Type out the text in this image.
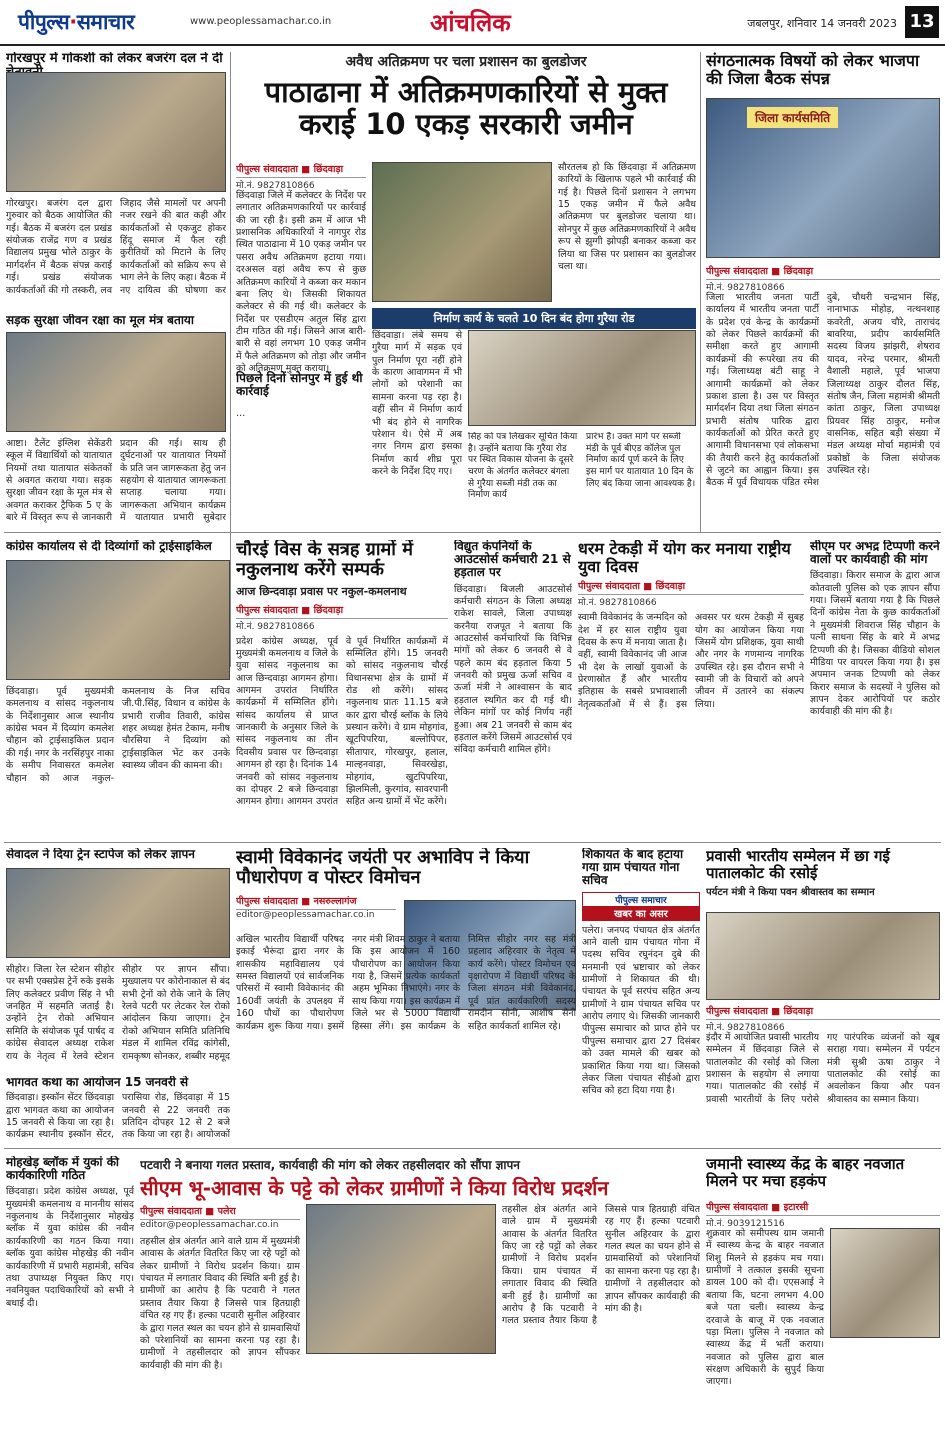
पीपुल्स·समाचार	www.peoplessamachar.co.in	आंचलिक	जबलपुर, शनिवार 14 जनवरी 2023 13
गोरखपुर में गोकशी को लेकर बजरंग दल ने दी
गोरखपुर। बजरंग दल द्वारा गुरुवार को बैठक आयोजित की गई। बैठक में बजरंग दल प्रखंड संयोजक राजेंद्र गण व प्रखंड विद्यालय प्रमुख भोले ठाकुर के मार्गदर्शन में बैठक संपन्न कराई गई। प्रखंड संयोजक कार्यकर्ताओं की गो तस्करी, लव जिहाद जैसे मामलों पर अपनी नजर रखने की बात कही और कार्यकर्ताओं से एकजुट होकर हिंदू समाज में फैल रही कुरीतियों को मिटाने के लिए कार्यकर्ताओं को सक्रिय रूप से भाग लेने के लिए कहा। बैठक में नए दायित्व की घोषणा कर
अवैध अतिक्रमण पर चला प्रशासन का बुलडोजर
पाठाढाना में अतिक्रमणकारियों से मुक्त कराई 10 एकड़ सरकारी जमीन
पीपुल्स संवाददाता ■ छिंदवाड़ा
मो.नं. 9827810866
छिंदवाड़ा जिले में कलेक्टर के निर्देश पर लगातार अतिक्रमणकारियों पर कार्रवाई की जा रही है। इसी क्रम में आज भी प्रशासनिक अधिकारियों ने नागपुर रोड स्थित पाठाढाना में 10 एकड़ जमीन पर पसरा अवैध अतिक्रमण हटाया गया। दरअसल वहां अवैध रूप से कुछ अतिक्रमण कारियों ने कब्जा कर मकान बना लिए थे। जिसकी शिकायत कलेक्टर से की गई थी। कलेक्टर के निर्देश पर एसडीएम अतुल सिंह द्वारा टीम गठित की गई। जिसने आज बारी-बारी से वहां लगभग 10 एकड़ जमीन में फैले अतिक्रमण को तोड़ा और जमीन को अतिक्रमण मुक्त कराया।
पिछले दिनों सोनपुर में हुई थी कार्रवाई
सौरतलब हो कि छिंदवाड़ा में अतिक्रमण कारियों के खिलाफ पहले भी कार्रवाई की गई है। पिछले दिनों प्रशासन ने लगभग 15 एकड़ जमीन में फैले अवैध अतिक्रमण पर बुलडोजर चलाया था। सोनपुर में कुछ अतिक्रमणकारियों ने अवैध रूप से झुग्गी झोपड़ी बनाकर कब्जा कर लिया था जिस पर प्रशासन का बुलडोजर चला था।
निर्माण कार्य के चलते 10 दिन बंद होगा गुरैया रोड
छिंदवाड़ा। लंबे समय से गुरैया मार्ग में सड़क एवं पुल निर्माण पूरा नहीं होने के कारण आवागमन में भी लोगों को परेशानी का सामना करना पड़ रहा है। वहीं सीन में निर्माण कार्य भी बंद होने से नागरिक परेशान थे। ऐसे में अब नगर निगम द्वारा इसका निर्माण कार्य शीघ्र पूरा करने के निर्देश दिए गए।
सिंह को पत्र लिखकर सूचित किया है। उन्होंने बताया कि गुरैया रोड पर स्थित विकास योजना के दूसरे चरण के अंतर्गत कलेक्टर बंगला से गुरैया सब्जी मंडी तक का निर्माण कार्य
प्रारंभ है। उक्त मार्ग पर सब्जी मंडी के पूर्व बीएड कॉलेज पुल निर्माण कार्य पूर्ण करने के लिए इस मार्ग पर यातायात 10 दिन के लिए बंद किया जाना आवश्यक है।
…
संगठनात्मक विषयों को लेकर भाजपा की जिला बैठक संपन्न
जिला कार्यसमिति
पीपुल्स संवाददाता ■ छिंदवाड़ा
मो.नं. 9827810866
जिला भारतीय जनता पार्टी कार्यालय में भारतीय जनता पार्टी के प्रदेश एवं केन्द्र के कार्यक्रमों को लेकर पिछले कार्यक्रमों की समीक्षा करते हुए आगामी कार्यक्रमों की रूपरेखा तय की गई। जिलाध्यक्ष बंटी साहू ने आगामी कार्यक्रमों को लेकर प्रकाश डाला है। उस पर विस्तृत मार्गदर्शन दिया तथा जिला संगठन प्रभारी संतोष पारिक द्वारा कार्यकर्ताओं को प्रेरित करते हुए आगामी विधानसभा एवं लोकसभा की तैयारी करने हेतु कार्यकर्ताओं से जुटने का आह्वान किया। इस बैठक में पूर्व विधायक पंडित रमेश दुबे, चौधरी चन्द्रभान सिंह, नानाभाऊ मोहोड़, नत्थनशाह कवरेती, अजय चौरे, ताराचंद बावरिया, प्रदीप कार्यसमिति सदस्य विजय झांझरी, शेषराव यादव, नरेन्द्र परमार, श्रीमती वैशाली महाले, पूर्व भाजपा जिलाध्यक्ष ठाकुर दौलत सिंह, संतोष जैन, जिला महामंत्री श्रीमती कांता ठाकुर, जिला उपाध्यक्ष प्रियवर सिंह ठाकुर, मनोज वासनिक, सहित बड़ी संख्या में मंडल अध्यक्ष मोर्चा महामंत्री एवं प्रकोष्ठों के जिला संयोजक उपस्थित रहे।
सड़क सुरक्षा जीवन रक्षा का मूल मंत्र बताया
आष्टा। टैलेंट इंग्लिश सेकेंडरी स्कूल में विद्यार्थियों को यातायात नियमों तथा यातायात संकेतकों से अवगत कराया गया। सड़क सुरक्षा जीवन रक्षा के मूल मंत्र से अवगत कराकर ट्रैफिक 5 ए के बारे में विस्तृत रूप से जानकारी प्रदान की गई। साथ ही दुर्घटनाओं पर यातायात नियमों के प्रति जन जागरूकता हेतु जन सहयोग से यातायात जागरूकता सप्ताह चलाया गया। जागरूकता अभियान कार्यक्रम में यातायात प्रभारी सुबेदार
कांग्रेस कार्यालय से दी दिव्यांगों को ट्राईसाइकिल
छिंदवाड़ा। पूर्व मुख्यमंत्री कमलनाथ व सांसद नकुलनाथ के निर्देशानुसार आज स्थानीय कांग्रेस भवन में दिव्यांग कमलेश चौहान को ट्राईसाइकिल प्रदान की गई। नगर के नरसिंहपुर नाका के समीप निवासरत कमलेश चौहान को आज नकुल-कमलनाथ के निज सचिव जी.पी.सिंह, विधान व कांग्रेस के प्रभारी राजीव तिवारी, कांग्रेस शहर अध्यक्ष हेमंत टेकाम, मनीष चौरसिया ने दिव्यांग को ट्राईसाइकिल भेंट कर उनके स्वास्थ्य जीवन की कामना की।
चौरई विस के सत्रह ग्रामों में नकुलनाथ करेंगे सम्पर्क
आज छिन्दवाड़ा प्रवास पर नकुल-कमलनाथ
पीपुल्स संवाददाता ■ छिंदवाड़ा
मो.नं. 9827810866
प्रदेश कांग्रेस अध्यक्ष, पूर्व मुख्यमंत्री कमलनाथ व जिले के युवा सांसद नकुलनाथ का आज छिन्दवाड़ा आगमन होगा। आगमन उपरांत निर्धारित कार्यक्रमों में सम्मिलित होंगे। सांसद कार्यालय से प्राप्त जानकारी के अनुसार जिले के सांसद नकुलनाथ का तीन दिवसीय प्रवास पर छिन्दवाड़ा आगमन हो रहा है। दिनांक 14 जनवरी को सांसद नकुलनाथ का दोपहर 2 बजे छिन्दवाड़ा आगमन होगा। आगमन उपरांत वे पूर्व निर्धारित कार्यक्रमों में सम्मिलित होंगे। 15 जनवरी को सांसद नकुलनाथ चौरई विधानसभा क्षेत्र के ग्रामों में रोड शो करेंगे। सांसद नकुलनाथ प्रातः 11.15 बजे कार द्वारा चौरई ब्लॉक के लिये प्रस्थान करेंगे। वे ग्राम मोहगांव, खूटपिपरिया, बल्लोपिपर, सीतापार, गोरखपुर, हलाल, माल्हनवाड़ा, सिवरखेड़ा, मोहगांव, खुटपिपरिया, झिलमिली, कुरगांव, सावरपानी सहित अन्य ग्रामों में भेंट करेंगे।
विद्युत कंपनियों के आउटसोर्स कर्मचारी 21 से हड़ताल पर
छिंदवाड़ा। बिजली आउटसोर्स कर्मचारी संगठन के जिला अध्यक्ष राकेश सावले, जिला उपाध्यक्ष करनैया राजपूत ने बताया कि आउटसोर्स कर्मचारियों कि विभिन्न मांगों को लेकर 6 जनवरी से वे पहले काम बंद हड़ताल किया 5 जनवरी को प्रमुख ऊर्जा सचिव व ऊर्जा मंत्री ने आश्वासन के बाद हड़ताल स्थगित कर दी गई थी। लेकिन मांगों पर कोई निर्णय नहीं हुआ। अब 21 जनवरी से काम बंद हड़ताल करेंगे जिसमें आउटसोर्स एवं संविदा कर्मचारी शामिल होंगे।
धरम टेकड़ी में योग कर मनाया राष्ट्रीय युवा दिवस
पीपुल्स संवाददाता ■ छिंदवाड़ा
मो.नं. 9827810866
स्वामी विवेकानंद के जन्मदिन को देश में हर साल राष्ट्रीय युवा दिवस के रूप में मनाया जाता है। वहीं, स्वामी विवेकानंद जी आज भी देश के लाखों युवाओं के प्रेरणास्रोत हैं और भारतीय इतिहास के सबसे प्रभावशाली नेतृत्वकर्ताओं में से हैं। इस अवसर पर धरम टेकड़ी में सुबह योग का आयोजन किया गया जिसमें योग प्रशिक्षक, युवा साथी और नगर के गणमान्य नागरिक उपस्थित रहे। इस दौरान सभी ने स्वामी जी के विचारों को अपने जीवन में उतारने का संकल्प लिया।
सीएम पर अभद्र टिप्पणी करने वालों पर कार्यवाही की मांग
छिंदवाड़ा। किरार समाज के द्वारा आज कोतवाली पुलिस को एक ज्ञापन सौंपा गया। जिसमें बताया गया है कि पिछले दिनों कांग्रेस नेता के कुछ कार्यकर्ताओं ने मुख्यमंत्री शिवराज सिंह चौहान के पत्नी साधना सिंह के बारे में अभद्र टिप्पणी की है। जिसका वीडियो सोशल मीडिया पर वायरल किया गया है। इस अपमान जनक टिप्पणी को लेकर किरार समाज के सदस्यों ने पुलिस को ज्ञापन देकर आरोपियों पर कठोर कार्यवाही की मांग की है।
सेवादल ने दिया ट्रेन स्टापेज को लेकर ज्ञापन
सीहोर। जिला रेल स्टेशन सीहोर पर सभी एक्सप्रेस ट्रेनें रुके इसके लिए कलेक्टर प्रवीण सिंह ने भी जनहित में सहमति जताई है। उन्होंने ट्रेन रोको अभियान समिति के संयोजक पूर्व पार्षद व कांग्रेस सेवादल अध्यक्ष राकेश राय के नेतृत्व में रेलवे स्टेशन सीहोर पर ज्ञापन सौंपा। मुख्यालय पर कोरोनाकाल से बंद सभी ट्रेनों को रोके जाने के लिए रेलवे पटरी पर लेटकर रेल रोको आंदोलन किया जाएगा। ट्रेन रोको अभियान समिति प्रतिनिधि मंडल में शामिल रविंद्र कांगेसी, रामकृष्ण सोनकर, शब्बीर महमूद
स्वामी विवेकानंद जयंती पर अभाविप ने किया पौधारोपण व पोस्टर विमोचन
पीपुल्स संवाददाता ■ नसरुल्लागंज
editor@peoplessamachar.co.in
अखिल भारतीय विद्यार्थी परिषद इकाई भैरूंदा द्वारा नगर के शासकीय महाविद्यालय एवं समस्त विद्यालयों एवं सार्वजनिक परिसरों में स्वामी विवेकानंद की 160वीं जयंती के उपलक्ष्य में 160 पौधों का पौधारोपण कार्यक्रम शुरू किया गया। इसमें नगर मंत्री शिवम ठाकुर ने बताया कि इस आयोजन में 160 पौधारोपण का आयोजन किया गया है, जिसमें प्रत्येक कार्यकर्ता अहम भूमिका निभाएंगे। नगर के साथ किया गया। इस कार्यक्रम में जिले भर से 5000 विद्यार्थी हिस्सा लेंगे। इस कार्यक्रम के निमित्त सीहोर नगर सह मंत्री प्रहलाद अहिरवार के नेतृत्व में कार्य करेंगे। पोस्टर विमोचन एवं वृक्षारोपण में विद्यार्थी परिषद के जिला संगठन मंत्री विवेकानंद, पूर्व प्रांत कार्यकारिणी सदस्य रामदीन सोनी, आशीष सैनी सहित कार्यकर्ता शामिल रहे।
शिकायत के बाद हटाया गया ग्राम पंचायत गोना सचिव
पीपुल्स समाचार
खबर का असर
पलेरा। जनपद पंचायत क्षेत्र अंतर्गत आने वाली ग्राम पंचायत गोना में पदस्थ सचिव रघुनंदन दुबे की मनमानी एवं भ्रष्टाचार को लेकर ग्रामीणों ने शिकायत की थी। पंचायत के पूर्व सरपंच सहित अन्य ग्रामीणों ने ग्राम पंचायत सचिव पर आरोप लगाए थे। जिसकी जानकारी पीपुल्स समाचार को प्राप्त होने पर पीपुल्स समाचार द्वारा 27 दिसंबर को उक्त मामले की खबर को प्रकाशित किया गया था। जिसको लेकर जिला पंचायत सीईओ द्वारा सचिव को हटा दिया गया है।
प्रवासी भारतीय सम्मेलन में छा गई पातालकोट की रसोई
पर्यटन मंत्री ने किया पवन श्रीवास्तव का सम्मान
पीपुल्स संवाददाता ■ छिंदवाड़ा
मो.नं. 9827810866
इंदौर में आयोजित प्रवासी भारतीय सम्मेलन में छिंदवाड़ा जिले से पातालकोट की रसोई को जिला प्रशासन के सहयोग से लगाया गया। पातालकोट की रसोई में प्रवासी भारतीयों के लिए परोसे गए पारंपरिक व्यंजनों को खूब सराहा गया। सम्मेलन में पर्यटन मंत्री सुश्री ऊषा ठाकुर ने पातालकोट की रसोई का अवलोकन किया और पवन श्रीवास्तव का सम्मान किया।
भागवत कथा का आयोजन 15 जनवरी से
छिंदवाड़ा। इस्कॉन सेंटर छिंदवाड़ा द्वारा भागवत कथा का आयोजन 15 जनवरी से किया जा रहा है। कार्यक्रम स्थानीय इस्कॉन सेंटर, परासिया रोड, छिंदवाड़ा में 15 जनवरी से 22 जनवरी तक प्रतिदिन दोपहर 12 से 2 बजे तक किया जा रहा है। आयोजकों
मोहखेड़ ब्लॉक में युकां की कार्यकारिणी गठित
छिंदवाड़ा। प्रदेश कांग्रेस अध्यक्ष, पूर्व मुख्यमंत्री कमलनाथ व माननीय सांसद नकुलनाथ के निर्देशानुसार मोहखेड़ ब्लॉक में युवा कांग्रेस की नवीन कार्यकारिणी का गठन किया गया। ब्लॉक युवा कांग्रेस मोहखेड़ की नवीन कार्यकारिणी में प्रभारी महामंत्री, सचिव तथा उपाध्यक्ष नियुक्त किए गए। नवनियुक्त पदाधिकारियों को सभी ने बधाई दी।
पटवारी ने बनाया गलत प्रस्ताव, कार्यवाही की मांग को लेकर तहसीलदार को सौंपा ज्ञापन
सीएम भू-आवास के पट्टे को लेकर ग्रामीणों ने किया विरोध प्रदर्शन
पीपुल्स संवाददाता ■ पलेरा
editor@peoplessamachar.co.in
तहसील क्षेत्र अंतर्गत आने वाले ग्राम में मुख्यमंत्री आवास के अंतर्गत वितरित किए जा रहे पट्टों को लेकर ग्रामीणों ने विरोध प्रदर्शन किया। ग्राम पंचायत में लगातार विवाद की स्थिति बनी हुई है। ग्रामीणों का आरोप है कि पटवारी ने गलत प्रस्ताव तैयार किया है जिससे पात्र हितग्राही वंचित रह गए हैं। हल्का पटवारी सुनील अहिरवार के द्वारा गलत स्थल का चयन होने से ग्रामवासियों को परेशानियों का सामना करना पड़ रहा है। ग्रामीणों ने तहसीलदार को ज्ञापन सौंपकर कार्यवाही की मांग की है।
तहसील क्षेत्र अंतर्गत आने वाले ग्राम में मुख्यमंत्री आवास के अंतर्गत वितरित किए जा रहे पट्टों को लेकर ग्रामीणों ने विरोध प्रदर्शन किया। ग्राम पंचायत में लगातार विवाद की स्थिति बनी हुई है। ग्रामीणों का आरोप है कि पटवारी ने गलत प्रस्ताव तैयार किया है जिससे पात्र हितग्राही वंचित रह गए हैं। हल्का पटवारी सुनील अहिरवार के द्वारा गलत स्थल का चयन होने से ग्रामवासियों को परेशानियों का सामना करना पड़ रहा है। ग्रामीणों ने तहसीलदार को ज्ञापन सौंपकर कार्यवाही की मांग की है।
जमानी स्वास्थ्य केंद्र के बाहर नवजात मिलने पर मचा हड़कंप
पीपुल्स संवाददाता ■ इटारसी
मो.नं. 9039121516
शुक्रवार को समीपस्थ ग्राम जमानी में स्वास्थ्य केन्द्र के बाहर नवजात शिशु मिलने से हड़कंप मच गया। ग्रामीणों ने तत्काल इसकी सूचना डायल 100 को दी। एएसआई ने बताया कि, घटना लगभग 4.00 बजे पता चली। स्वास्थ्य केन्द्र दरवाजे के बाजू में एक नवजात पड़ा मिला। पुलिस ने नवजात को स्वास्थ्य केंद्र में भर्ती कराया। नवजात को पुलिस द्वारा बाल संरक्षण अधिकारी के सुपुर्द किया जाएगा।
